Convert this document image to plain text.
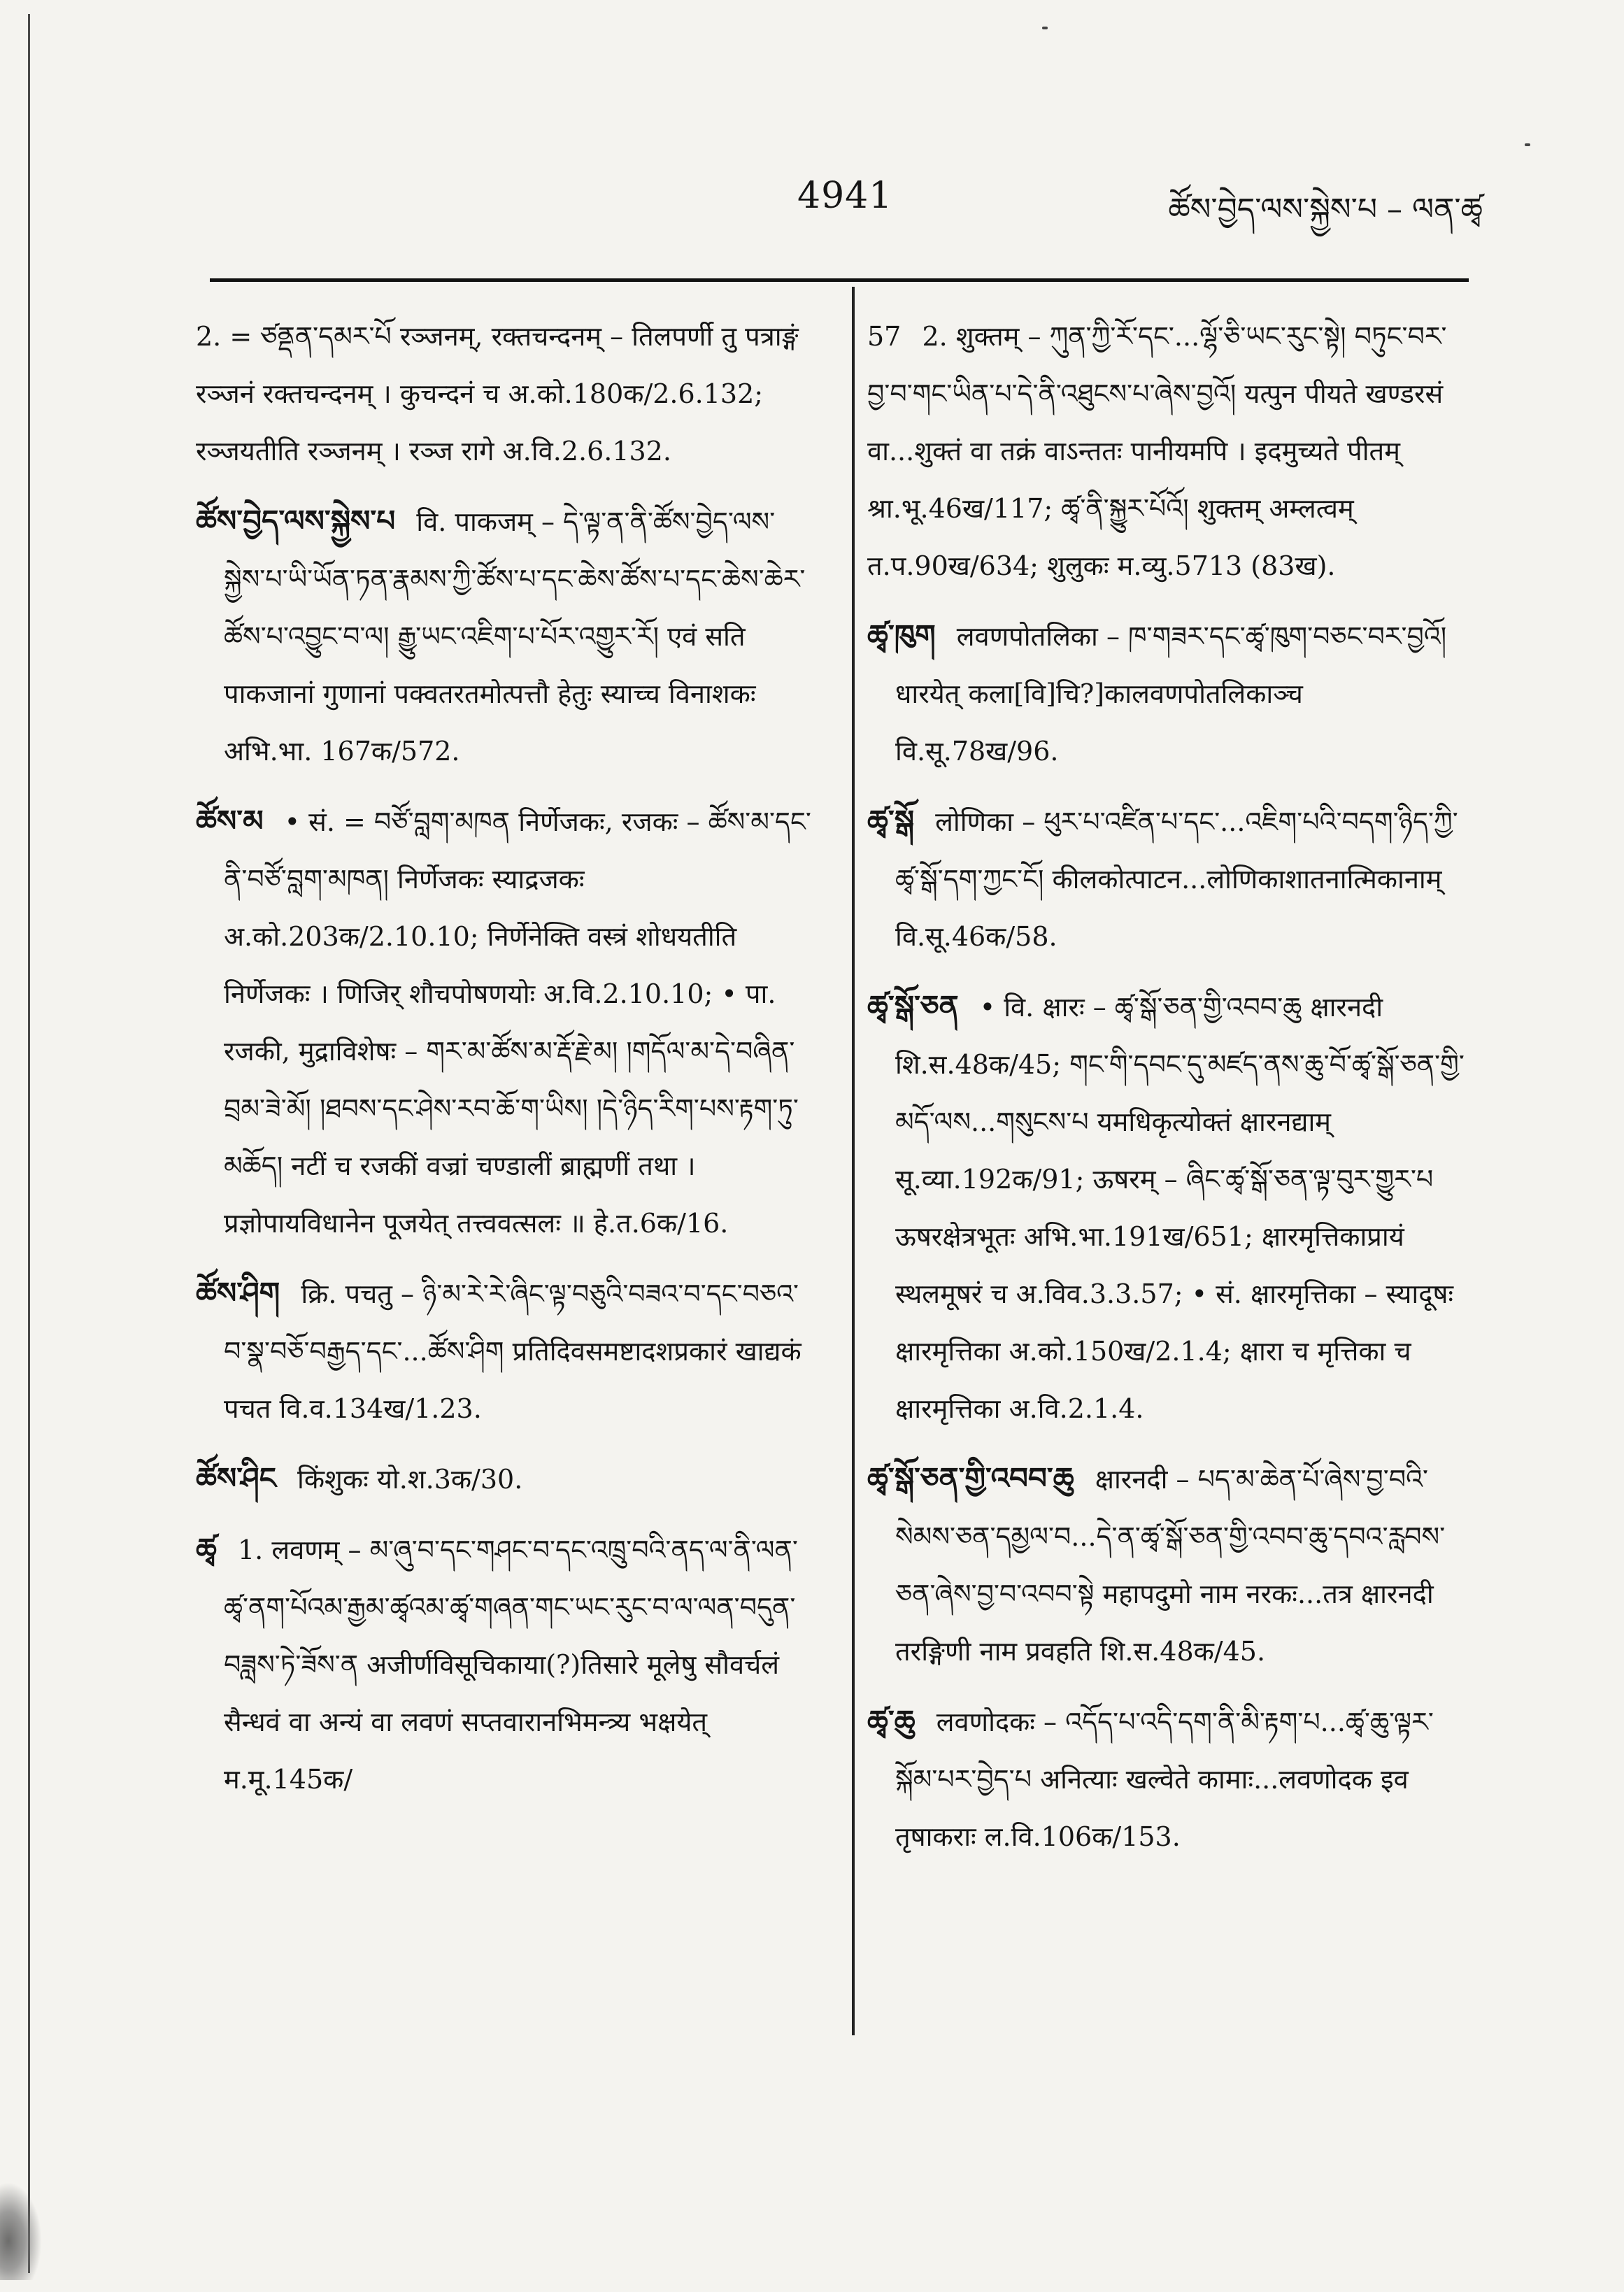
4941	ཚོས་བྱེད་ལས་སྐྱེས་པ – ལན་ཚྭ

2. = ཙནྡན་དམར་པོ रञ्जनम्, रक्तचन्दनम् – तिलपर्णी तु पत्राङ्गं रञ्जनं रक्तचन्दनम् । कुचन्दनं च अ.को.180क/2.6.132; रञ्जयतीति रञ्जनम् । रञ्ज रागे अ.वि.2.6.132.

ཚོས་བྱེད་ལས་སྐྱེས་པ वि. पाकजम् – དེ་ལྟ་ན་ནི་ཚོས་བྱེད་ལས་སྐྱེས་པ་ཡི་ཡོན་ཏན་རྣམས་ཀྱི་ཚོས་པ་དང་ཆེས་ཚོས་པ་དང་ཆེས་ཆེར་ཚོས་པ་འབྱུང་བ་ལ། རྒྱུ་ཡང་འཇིག་པ་པོར་འགྱུར་རོ། एवं सति पाकजानां गुणानां पक्वतरतमोत्पत्तौ हेतुः स्याच्च विनाशकः अभि.भा. 167क/572.

ཚོས་མ • सं. = བཙོ་བླག་མཁན निर्णेजकः, रजकः – ཚོས་མ་དང་ནི་བཙོ་བླག་མཁན། निर्णेजकः स्याद्रजकः अ.को.203क/2.10.10; निर्णेनेक्ति वस्त्रं शोधयतीति निर्णेजकः । णिजिर् शौचपोषणयोः अ.वि.2.10.10; • पा. रजकी, मुद्राविशेषः – གར་མ་ཚོས་མ་རྡོ་རྗེ་མ། །གདོལ་མ་དེ་བཞིན་བྲམ་ཟེ་མོ། །ཐབས་དང་ཤེས་རབ་ཆོ་ག་ཡིས། །དེ་ཉིད་རིག་པས་རྟག་ཏུ་མཆོད། नटीं च रजकीं वज्रां चण्डालीं ब्राह्मणीं तथा । प्रज्ञोपायविधानेन पूजयेत् तत्त्ववत्सलः ॥ हे.त.6क/16.

ཚོས་ཤིག क्रि. पचतु – ཉི་མ་རེ་རེ་ཞིང་ལྟ་བཅུའི་བཟའ་བ་དང་བཅའ་བ་སྣ་བཅོ་བརྒྱད་དང་...ཚོས་ཤིག प्रतिदिवसमष्टादशप्रकारं खाद्यकं पचत वि.व.134ख/1.23.

ཚོས་ཤིང किंशुकः यो.श.3क/30.

ཚྭ 1. लवणम् – མ་ཞུ་བ་དང་གཤང་བ་དང་འཁྲུ་བའི་ནད་ལ་ནི་ལན་ཚྭ་ནག་པོའམ་རྒྱམ་ཚྭའམ་ཚྭ་གཞན་གང་ཡང་རུང་བ་ལ་ལན་བདུན་བཟླས་ཏེ་ཟོས་ན अजीर्णविसूचिकाया(?)तिसारे मूलेषु सौवर्चलं सैन्धवं वा अन्यं वा लवणं सप्तवारानभिमन्त्र्य भक्षयेत् म.मू.145क/

57 2. शुक्तम् – ཀུན་ཀྱི་རོ་དང་...ལྷོ་ཅི་ཡང་རུང་སྟེ། བཏུང་བར་བྱ་བ་གང་ཡིན་པ་དེ་ནི་འཐུངས་པ་ཞེས་བྱའོ། यत्पुन पीयते खण्डरसं वा...शुक्तं वा तक्रं वाऽन्ततः पानीयमपि । इदमुच्यते पीतम् श्रा.भू.46ख/117; ཚྭ་ནི་སྐྱུར་པོའོ། शुक्तम् अम्लत्वम् त.प.90ख/634; शुलुकः म.व्यु.5713 (83ख).

ཚྭ་ཁུག लवणपोतलिका – ཁ་གཟར་དང་ཚྭ་ཁུག་བཅང་བར་བྱའོ། धारयेत् कला[वि]चि?]कालवणपोतलिकाञ्च वि.सू.78ख/96.

ཚྭ་སྒོ लोणिका – ཕུར་པ་འཛིན་པ་དང་...འཇིག་པའི་བདག་ཉིད་ཀྱི་ཚྭ་སྒོ་དག་ཀྱང་ངོ། कीलकोत्पाटन...लोणिकाशातनात्मिकानाम् वि.सू.46क/58.

ཚྭ་སྒོ་ཅན • वि. क्षारः – ཚྭ་སྒོ་ཅན་གྱི་འབབ་ཆུ क्षारनदी शि.स.48क/45; གང་གི་དབང་དུ་མཛད་ནས་ཆུ་བོ་ཚྭ་སྒོ་ཅན་གྱི་མདོ་ལས...གསུངས་པ यमधिकृत्योक्तं क्षारनद्याम् सू.व्या.192क/91; ऊषरम् – ཞིང་ཚྭ་སྒོ་ཅན་ལྟ་བུར་གྱུར་པ ऊषरक्षेत्रभूतः अभि.भा.191ख/651; क्षारमृत्तिकाप्रायं स्थलमूषरं च अ.विव.3.3.57; • सं. क्षारमृत्तिका – स्यादूषः क्षारमृत्तिका अ.को.150ख/2.1.4; क्षारा च मृत्तिका च क्षारमृत्तिका अ.वि.2.1.4.

ཚྭ་སྒོ་ཅན་གྱི་འབབ་ཆུ क्षारनदी – པད་མ་ཆེན་པོ་ཞེས་བྱ་བའི་སེམས་ཅན་དམྱལ་བ...དེ་ན་ཚྭ་སྒོ་ཅན་གྱི་འབབ་ཆུ་དབའ་རླབས་ཅན་ཞེས་བྱ་བ་འབབ་སྟེ महापदुमो नाम नरकः...तत्र क्षारनदी तरङ्गिणी नाम प्रवहति शि.स.48क/45.

ཚྭ་ཆུ लवणोदकः – འདོད་པ་འདི་དག་ནི་མི་རྟག་པ...ཚྭ་ཆུ་ལྟར་སྐོམ་པར་བྱེད་པ अनित्याः खल्वेते कामाः...लवणोदक इव तृषाकराः ल.वि.106क/153.
